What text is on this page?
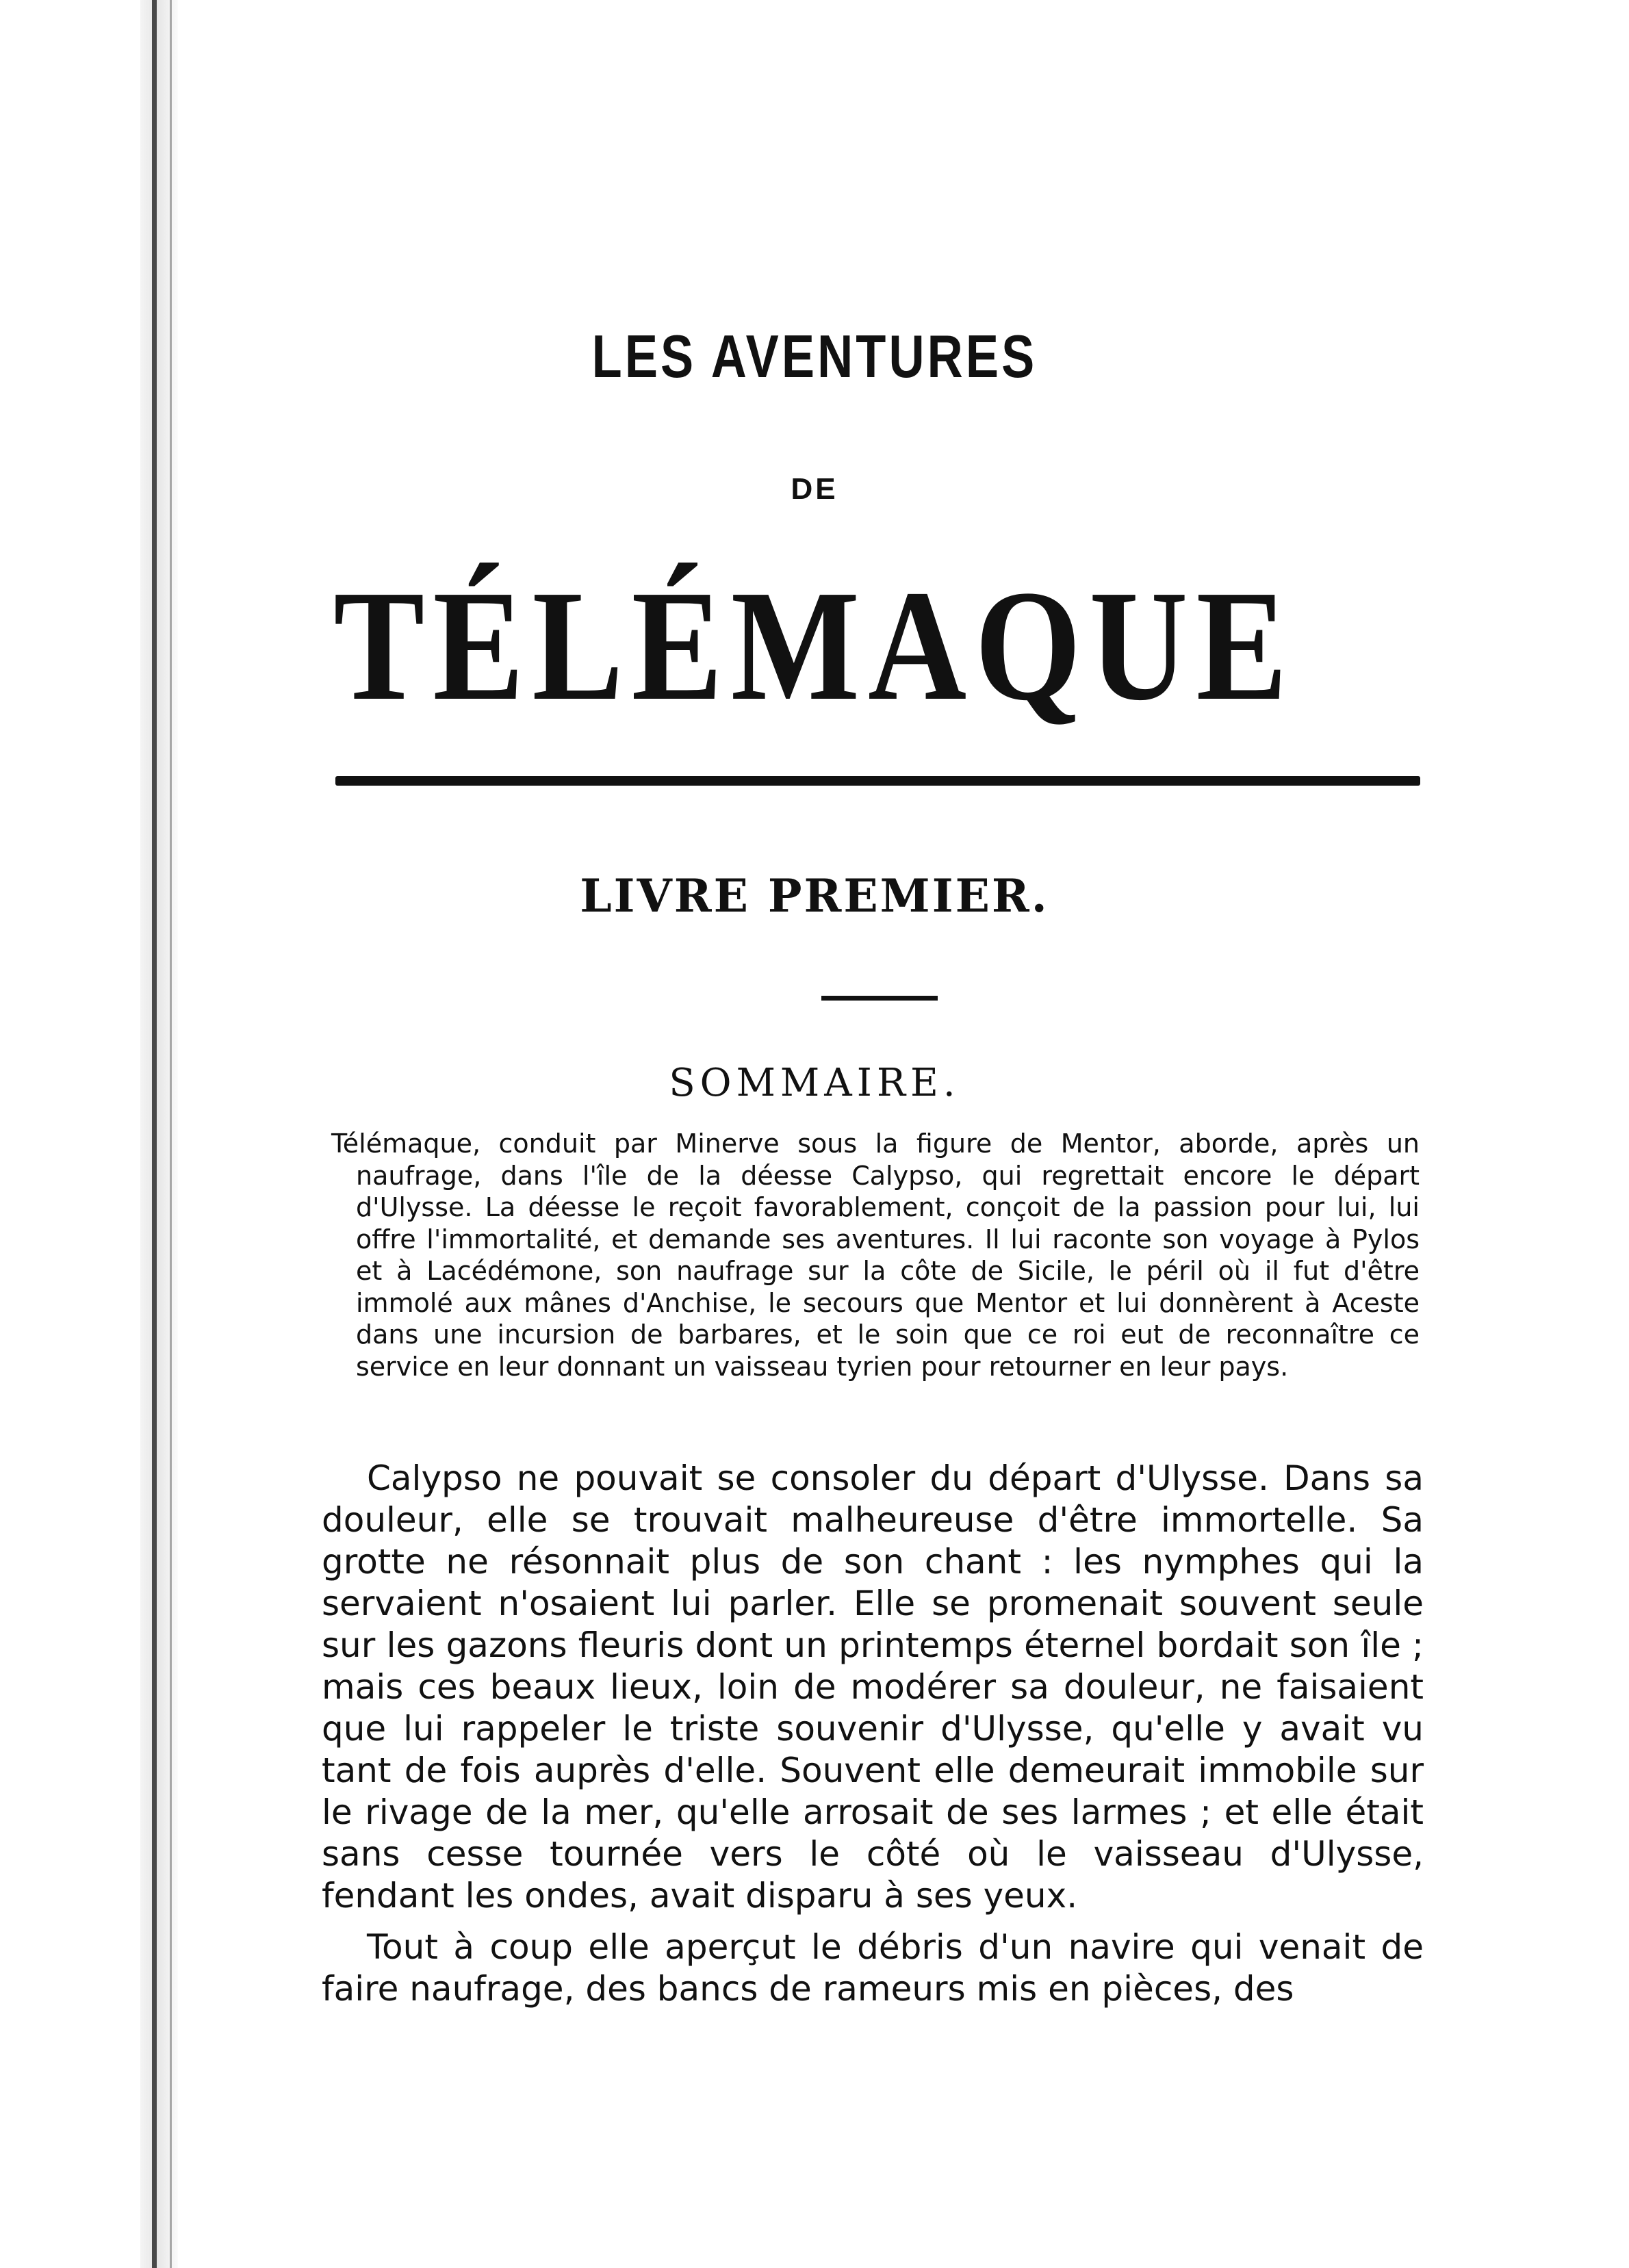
LES AVENTURES
DE
TÉLÉMAQUE
LIVRE PREMIER.
SOMMAIRE.

Télémaque, conduit par Minerve sous la figure de Mentor, aborde, après un naufrage, dans l'île de la déesse Calypso, qui regrettait encore le départ d'Ulysse. La déesse le reçoit favorablement, conçoit de la passion pour lui, lui offre l'immortalité, et demande ses aventures. Il lui raconte son voyage à Pylos et à Lacédémone, son naufrage sur la côte de Sicile, le péril où il fut d'être immolé aux mânes d'Anchise, le secours que Mentor et lui donnèrent à Aceste dans une incursion de barbares, et le soin que ce roi eut de reconnaître ce service en leur donnant un vaisseau tyrien pour retourner en leur pays.

Calypso ne pouvait se consoler du départ d'Ulysse. Dans sa douleur, elle se trouvait malheureuse d'être immortelle. Sa grotte ne résonnait plus de son chant : les nymphes qui la servaient n'osaient lui parler. Elle se promenait souvent seule sur les gazons fleuris dont un printemps éternel bordait son île ; mais ces beaux lieux, loin de modérer sa douleur, ne faisaient que lui rappeler le triste souvenir d'Ulysse, qu'elle y avait vu tant de fois auprès d'elle. Souvent elle demeurait immobile sur le rivage de la mer, qu'elle arrosait de ses larmes ; et elle était sans cesse tournée vers le côté où le vaisseau d'Ulysse, fendant les ondes, avait disparu à ses yeux.

Tout à coup elle aperçut le débris d'un navire qui venait de faire naufrage, des bancs de rameurs mis en pièces, des
